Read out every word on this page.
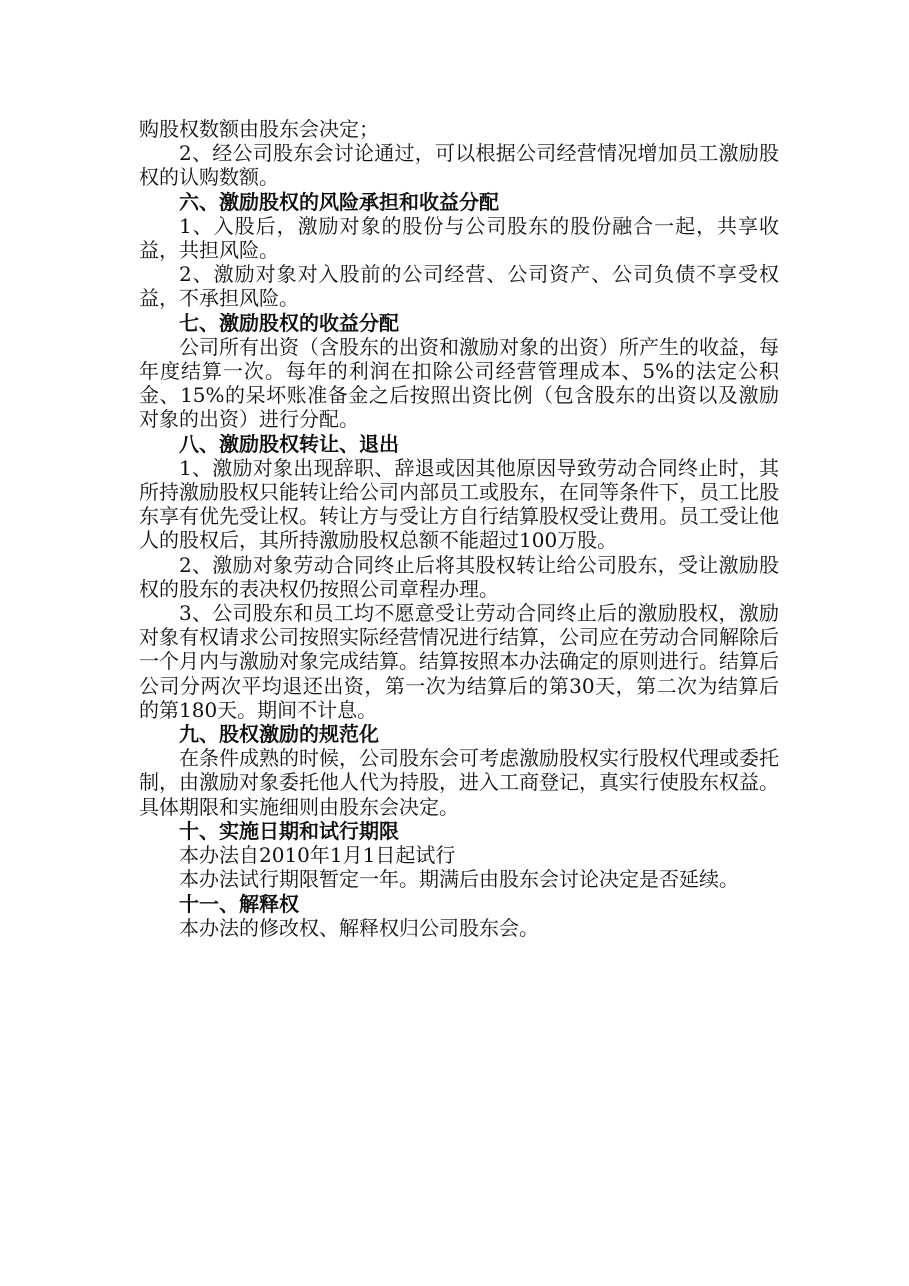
购股权数额由股东会决定；

2、经公司股东会讨论通过，可以根据公司经营情况增加员工激励股权的认购数额。

六、激励股权的风险承担和收益分配

1、入股后，激励对象的股份与公司股东的股份融合一起，共享收益，共担风险。

2、激励对象对入股前的公司经营、公司资产、公司负债不享受权益，不承担风险。

七、激励股权的收益分配

公司所有出资（含股东的出资和激励对象的出资）所产生的收益，每年度结算一次。每年的利润在扣除公司经营管理成本、5%的法定公积金、15%的呆坏账准备金之后按照出资比例（包含股东的出资以及激励对象的出资）进行分配。

八、激励股权转让、退出

1、激励对象出现辞职、辞退或因其他原因导致劳动合同终止时，其所持激励股权只能转让给公司内部员工或股东，在同等条件下，员工比股东享有优先受让权。转让方与受让方自行结算股权受让费用。员工受让他人的股权后，其所持激励股权总额不能超过100万股。

2、激励对象劳动合同终止后将其股权转让给公司股东，受让激励股权的股东的表决权仍按照公司章程办理。

3、公司股东和员工均不愿意受让劳动合同终止后的激励股权，激励对象有权请求公司按照实际经营情况进行结算，公司应在劳动合同解除后一个月内与激励对象完成结算。结算按照本办法确定的原则进行。结算后公司分两次平均退还出资，第一次为结算后的第30天，第二次为结算后的第180天。期间不计息。

九、股权激励的规范化

在条件成熟的时候，公司股东会可考虑激励股权实行股权代理或委托制，由激励对象委托他人代为持股，进入工商登记，真实行使股东权益。具体期限和实施细则由股东会决定。

十、实施日期和试行期限

本办法自2010年1月1日起试行

本办法试行期限暂定一年。期满后由股东会讨论决定是否延续。

十一、解释权

本办法的修改权、解释权归公司股东会。
